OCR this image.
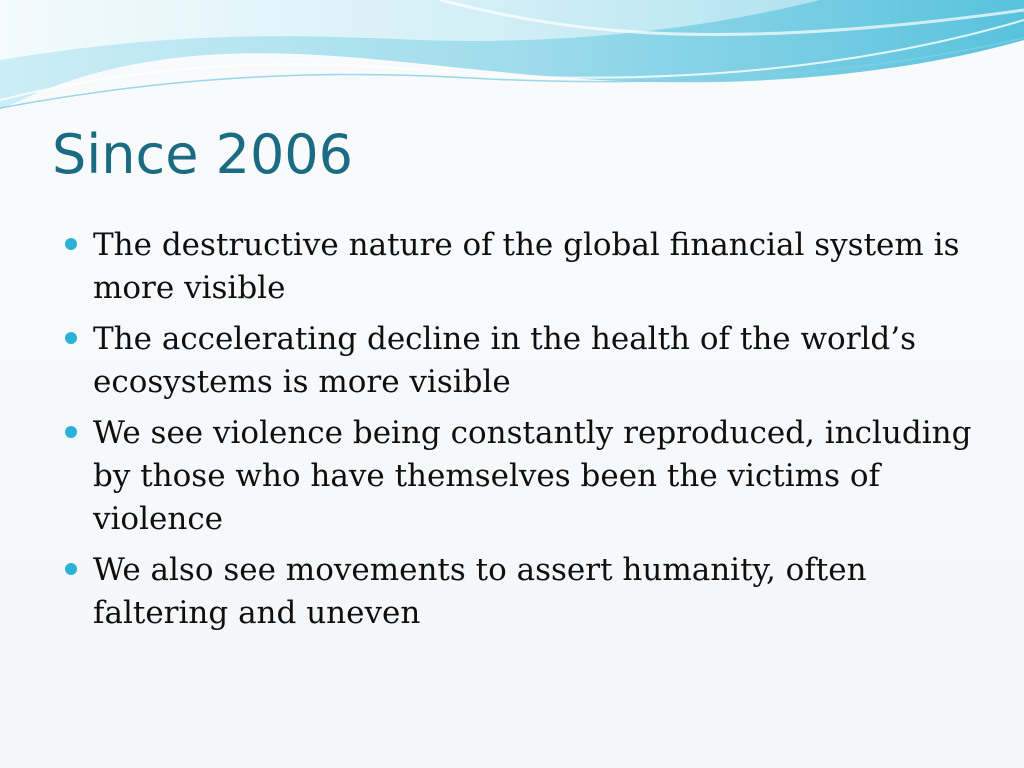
Since 2006
The destructive nature of the global financial system is more visible
The accelerating decline in the health of the world’s ecosystems is more visible
We see violence being constantly reproduced, including by those who have themselves been the victims of violence
We also see movements to assert humanity, often faltering and uneven
